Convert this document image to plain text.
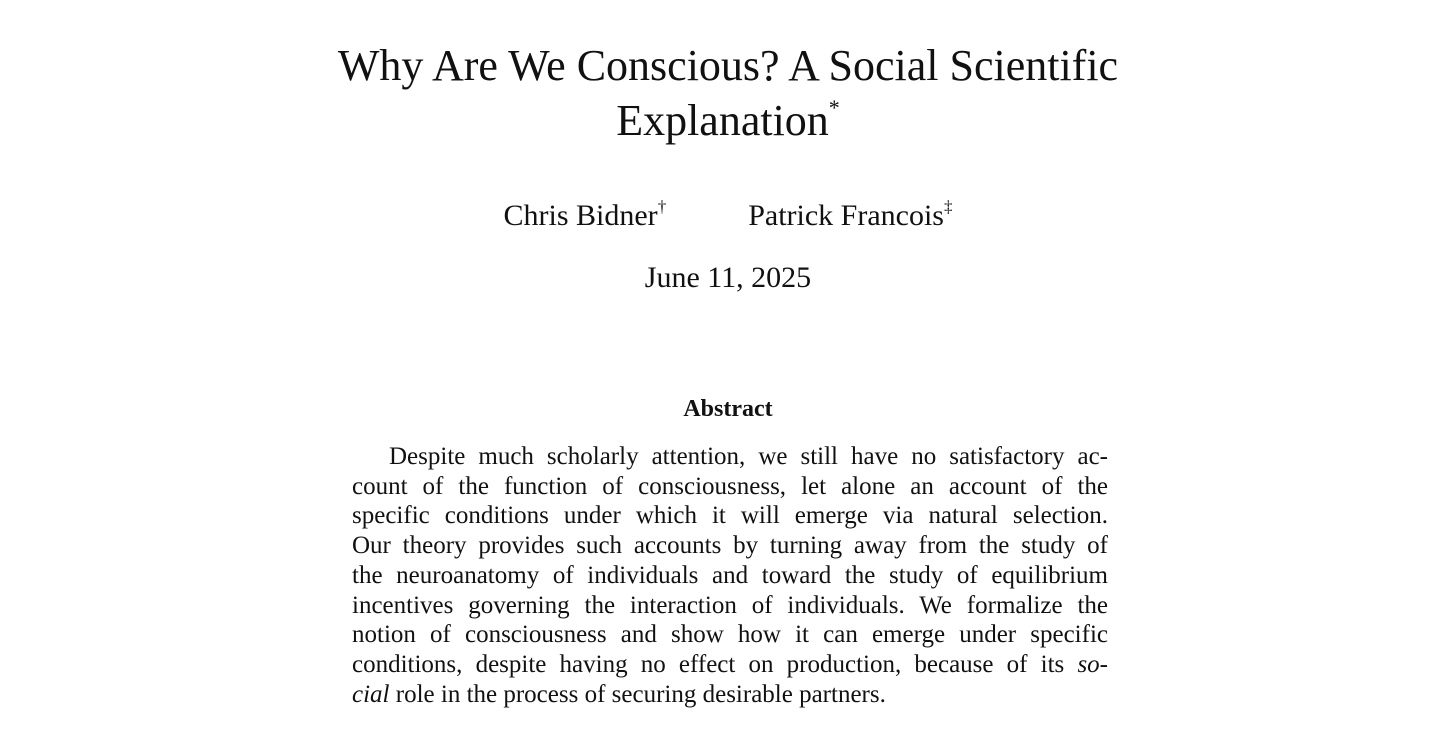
Why Are We Conscious? A Social Scientific
Explanation*
Chris Bidner†	Patrick Francois‡
June 11, 2025
Abstract
Despite much scholarly attention, we still have no satisfactory ac-
count of the function of consciousness, let alone an account of the
specific conditions under which it will emerge via natural selection.
Our theory provides such accounts by turning away from the study of
the neuroanatomy of individuals and toward the study of equilibrium
incentives governing the interaction of individuals. We formalize the
notion of consciousness and show how it can emerge under specific
conditions, despite having no effect on production, because of its so-
cial role in the process of securing desirable partners.
